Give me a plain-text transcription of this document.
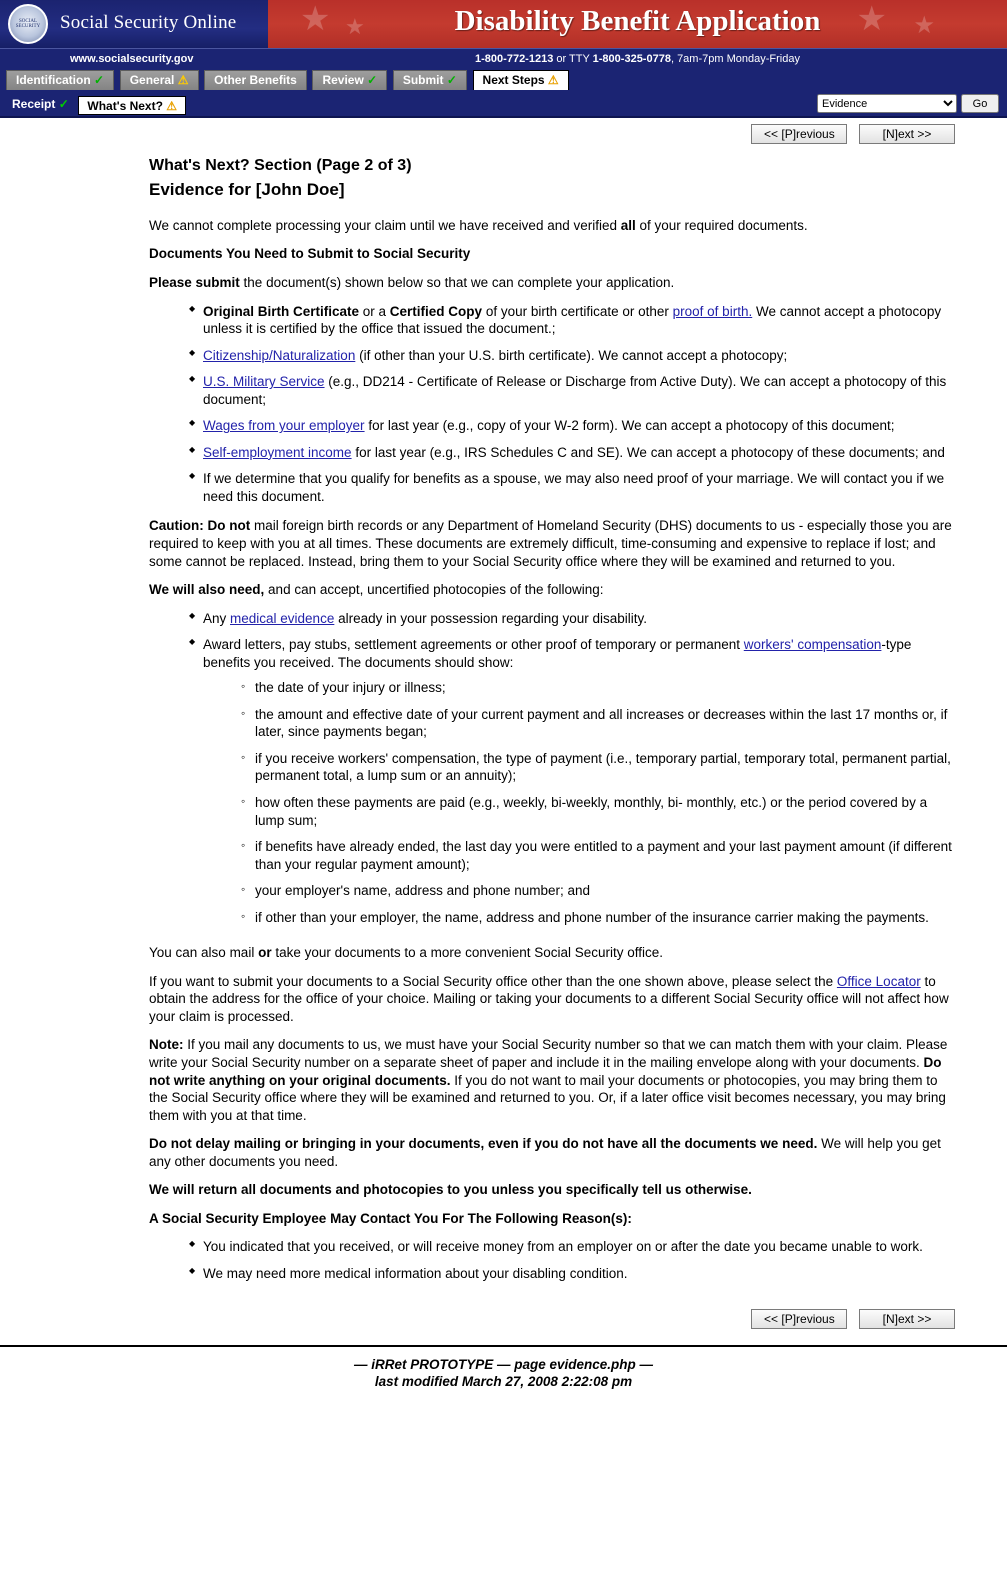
SOCIAL SECURITY	Social Security Online ★ ★	★ ★
Disability Benefit Application
www.socialsecurity.gov	1-800-772-1213 or TTY 1-800-325-0778, 7am-7pm Monday-Friday
Identification ✓ General ⚠ Other Benefits Review ✓ Submit ✓ Next Steps ⚠
Receipt ✓ What's Next? ⚠
Evidence	Go
<< [P]revious	[N]ext >>
What's Next? Section (Page 2 of 3)
Evidence for [John Doe]

We cannot complete processing your claim until we have received and verified all of your required documents.

Documents You Need to Submit to Social Security

Please submit the document(s) shown below so that we can complete your application.

◆ Original Birth Certificate or a Certified Copy of your birth certificate or other proof of birth. We cannot accept a photocopy unless it is certified by the office that issued the document.;
◆ Citizenship/Naturalization (if other than your U.S. birth certificate). We cannot accept a photocopy;
◆ U.S. Military Service (e.g., DD214 - Certificate of Release or Discharge from Active Duty). We can accept a photocopy of this document;
◆ Wages from your employer for last year (e.g., copy of your W-2 form). We can accept a photocopy of this document;
◆ Self-employment income for last year (e.g., IRS Schedules C and SE). We can accept a photocopy of these documents; and
◆ If we determine that you qualify for benefits as a spouse, we may also need proof of your marriage. We will contact you if we need this document.

Caution: Do not mail foreign birth records or any Department of Homeland Security (DHS) documents to us - especially those you are required to keep with you at all times. These documents are extremely difficult, time-consuming and expensive to replace if lost; and some cannot be replaced. Instead, bring them to your Social Security office where they will be examined and returned to you.

We will also need, and can accept, uncertified photocopies of the following:

◆ Any medical evidence already in your possession regarding your disability.
◆ Award letters, pay stubs, settlement agreements or other proof of temporary or permanent workers' compensation-type benefits you received. The documents should show:
◦ the date of your injury or illness;
◦ the amount and effective date of your current payment and all increases or decreases within the last 17 months or, if later, since payments began;
◦ if you receive workers' compensation, the type of payment (i.e., temporary partial, temporary total, permanent partial, permanent total, a lump sum or an annuity);
◦ how often these payments are paid (e.g., weekly, bi-weekly, monthly, bi- monthly, etc.) or the period covered by a lump sum;
◦ if benefits have already ended, the last day you were entitled to a payment and your last payment amount (if different than your regular payment amount);
◦ your employer's name, address and phone number; and
◦ if other than your employer, the name, address and phone number of the insurance carrier making the payments.

You can also mail or take your documents to a more convenient Social Security office.

If you want to submit your documents to a Social Security office other than the one shown above, please select the Office Locator to obtain the address for the office of your choice. Mailing or taking your documents to a different Social Security office will not affect how your claim is processed.

Note: If you mail any documents to us, we must have your Social Security number so that we can match them with your claim. Please write your Social Security number on a separate sheet of paper and include it in the mailing envelope along with your documents. Do not write anything on your original documents. If you do not want to mail your documents or photocopies, you may bring them to the Social Security office where they will be examined and returned to you. Or, if a later office visit becomes necessary, you may bring them with you at that time.

Do not delay mailing or bringing in your documents, even if you do not have all the documents we need. We will help you get any other documents you need.

We will return all documents and photocopies to you unless you specifically tell us otherwise.

A Social Security Employee May Contact You For The Following Reason(s):

◆ You indicated that you received, or will receive money from an employer on or after the date you became unable to work.
◆ We may need more medical information about your disabling condition.
<< [P]revious	[N]ext >>
— iRRet PROTOTYPE — page evidence.php —
last modified March 27, 2008 2:22:08 pm
